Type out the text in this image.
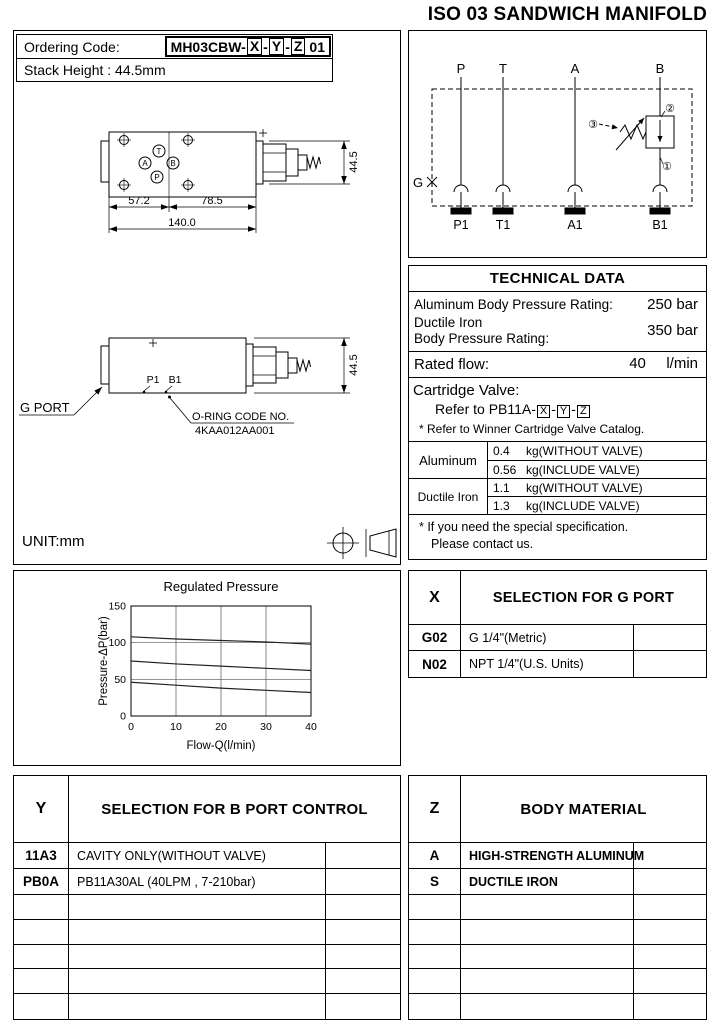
ISO 03 SANDWICH MANIFOLD
Ordering Code:	MH03CBW- X - Y - Z 01
Stack Height : 44.5mm
T
A	B
P
57.2	78.5
140.0
44.5
P1 B1
G PORT
O-RING CODE NO.
4KAA012AA001
44.5
UNIT:mm
P	T	A	B
P1 T1	A1	B1
G
③
②
①
TECHNICAL DATA
Aluminum Body Pressure Rating: 250 bar
Ductile Iron
Body Pressure Rating:	350 bar
Rated flow:	40 l/min
Cartridge Valve:
Refer to PB11A- X - Y - Z
* Refer to Winner Cartridge Valve Catalog.
Aluminum
0.4	kg(WITHOUT VALVE)
0.56 kg(INCLUDE VALVE)
Ductile Iron
1.1	kg(WITHOUT VALVE)
1.3	kg(INCLUDE VALVE)
* If you need the special specification.
Please contact us.
0	10	20	30	40
0
50
100
150
Regulated Pressure
Flow-Q(l/min)
Pressure-ΔP(bar)
X	SELECTION FOR G PORT
G02	G 1/4"(Metric)
N02	NPT 1/4"(U.S. Units)
Y	SELECTION FOR B PORT CONTROL
11A3	CAVITY ONLY(WITHOUT VALVE)
PB0A	PB11A30AL (40LPM , 7-210bar)
Z	BODY MATERIAL
A	HIGH-STRENGTH ALUMINUM
S	DUCTILE IRON
